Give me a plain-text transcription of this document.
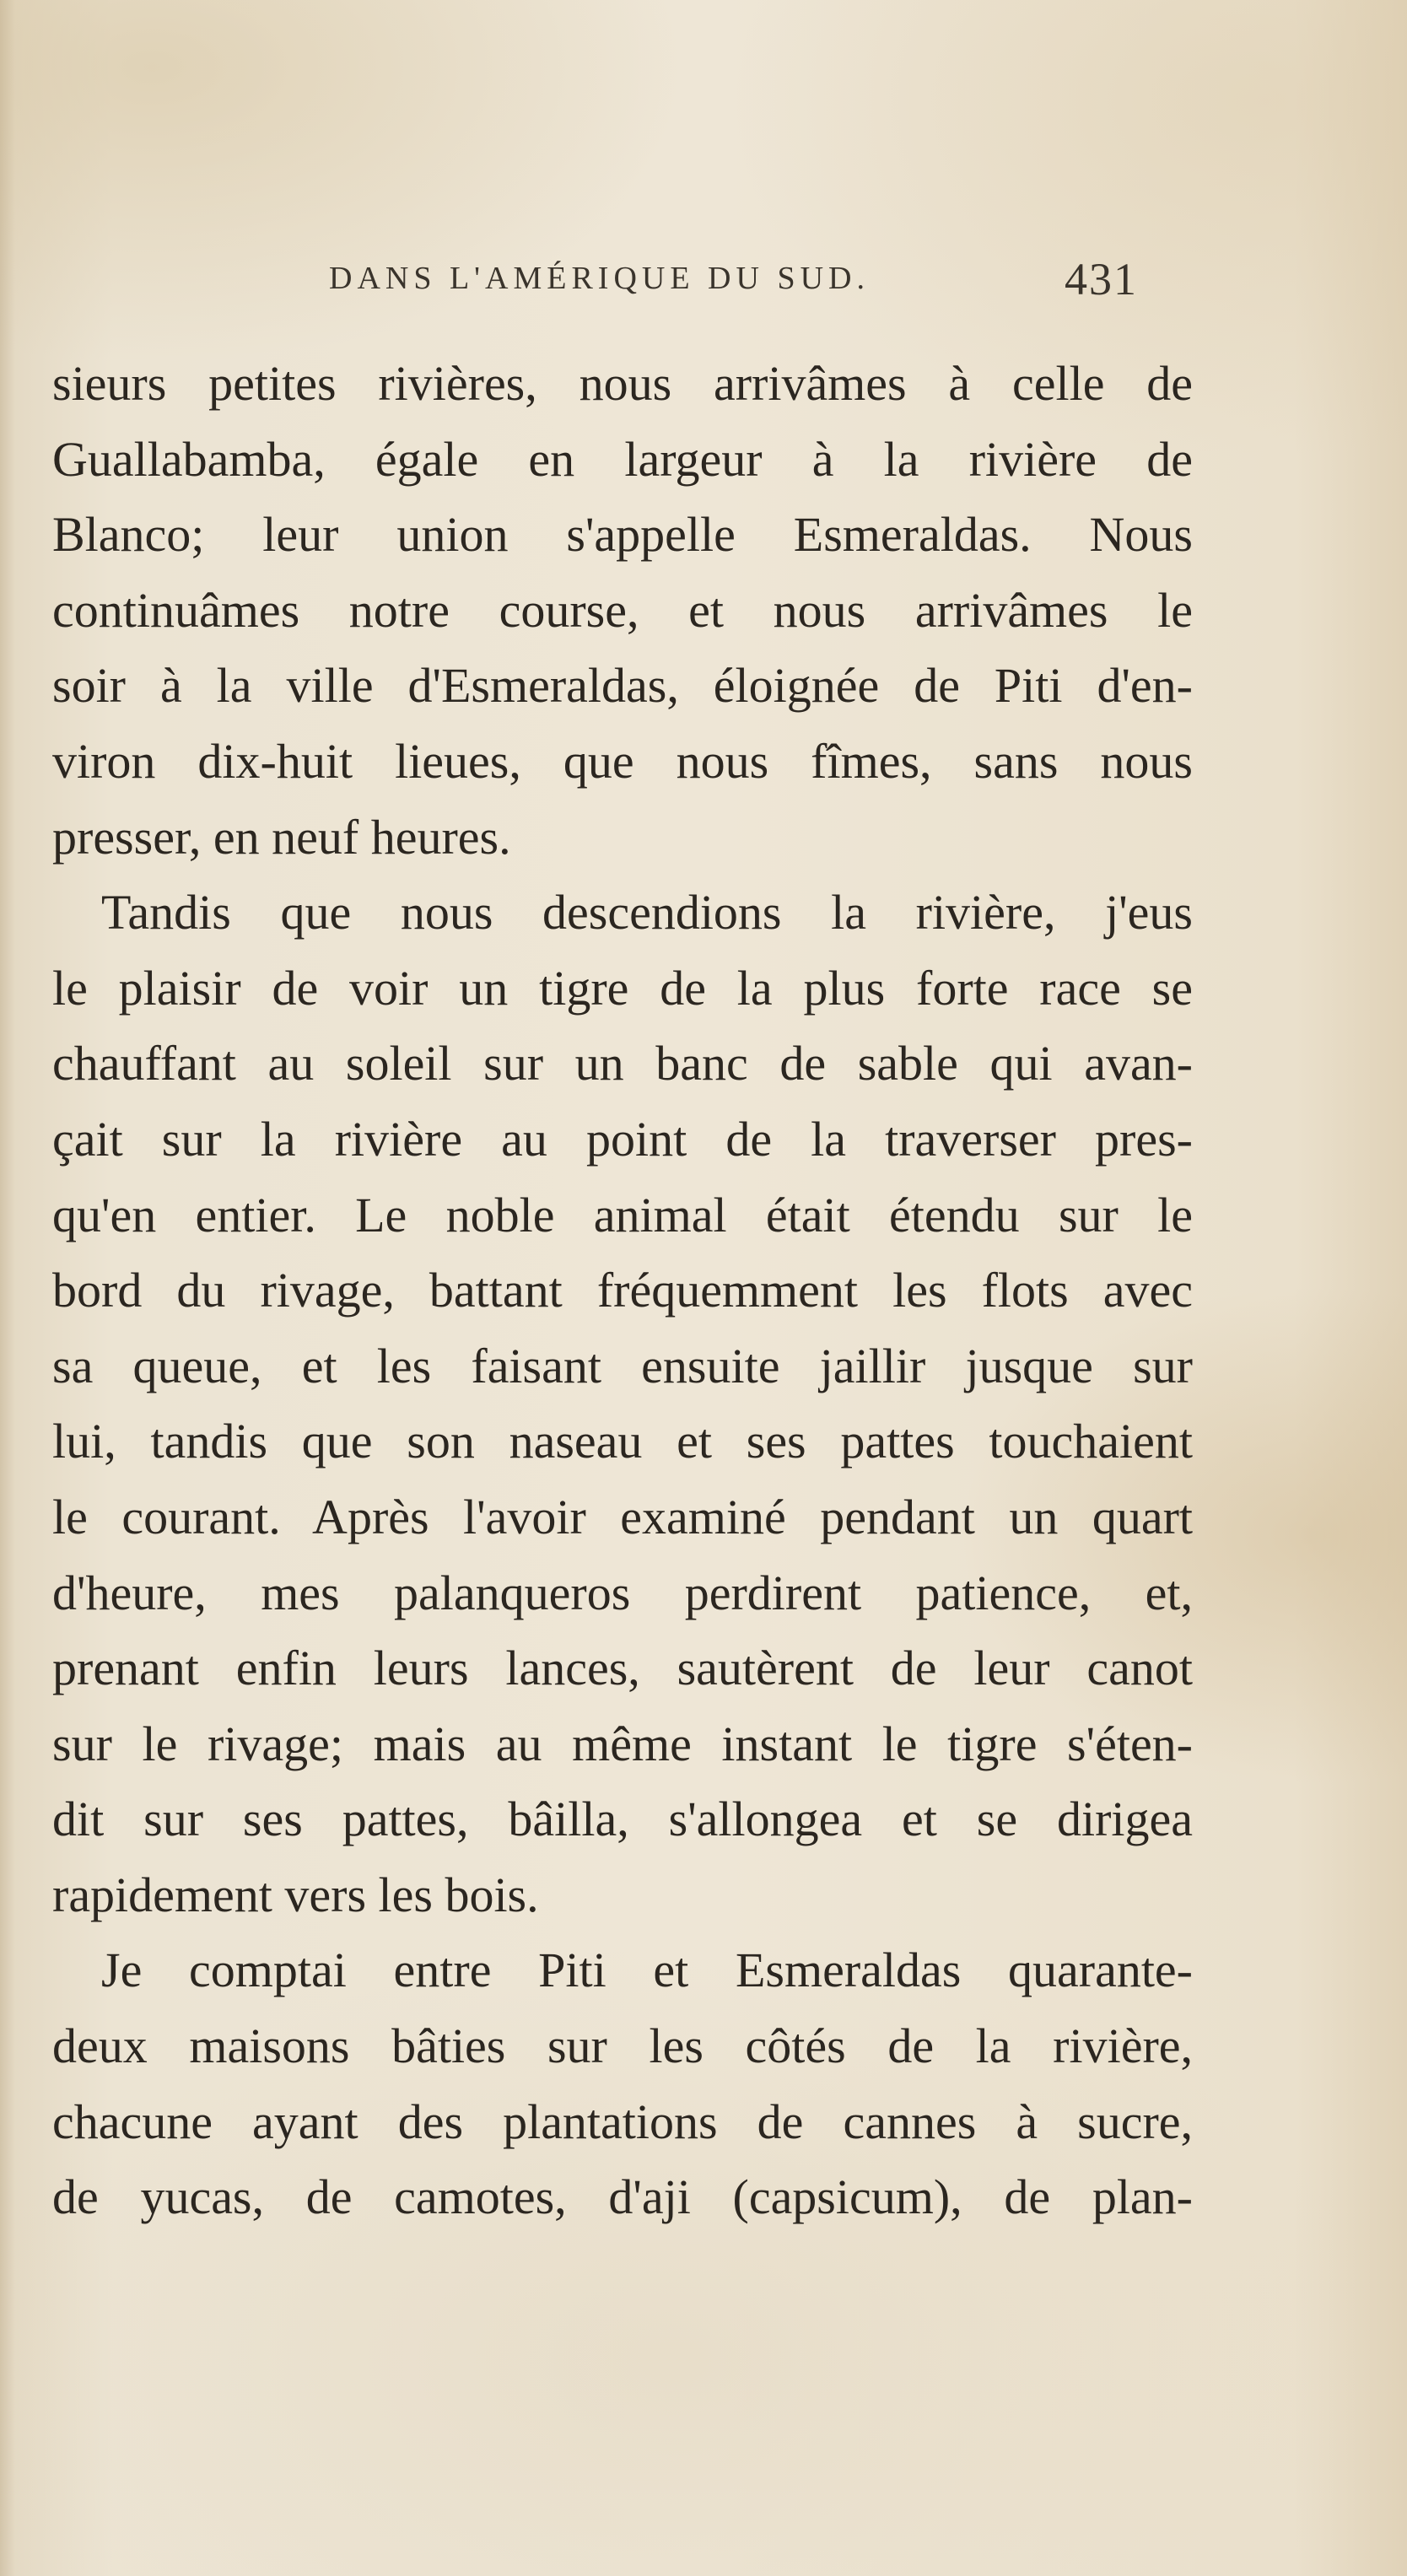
DANS L'AMÉRIQUE DU SUD.	431
sieurs petites rivières, nous arrivâmes à celle de
Guallabamba, égale en largeur à la rivière de
Blanco; leur union s'appelle Esmeraldas. Nous
continuâmes notre course, et nous arrivâmes le
soir à la ville d'Esmeraldas, éloignée de Piti d'en-
viron dix-huit lieues, que nous fîmes, sans nous
presser, en neuf heures.
Tandis que nous descendions la rivière, j'eus
le plaisir de voir un tigre de la plus forte race se
chauffant au soleil sur un banc de sable qui avan-
çait sur la rivière au point de la traverser pres-
qu'en entier. Le noble animal était étendu sur le
bord du rivage, battant fréquemment les flots avec
sa queue, et les faisant ensuite jaillir jusque sur
lui, tandis que son naseau et ses pattes touchaient
le courant. Après l'avoir examiné pendant un quart
d'heure, mes palanqueros perdirent patience, et,
prenant enfin leurs lances, sautèrent de leur canot
sur le rivage; mais au même instant le tigre s'éten-
dit sur ses pattes, bâilla, s'allongea et se dirigea
rapidement vers les bois.
Je comptai entre Piti et Esmeraldas quarante-
deux maisons bâties sur les côtés de la rivière,
chacune ayant des plantations de cannes à sucre,
de yucas, de camotes, d'aji (capsicum), de plan-
